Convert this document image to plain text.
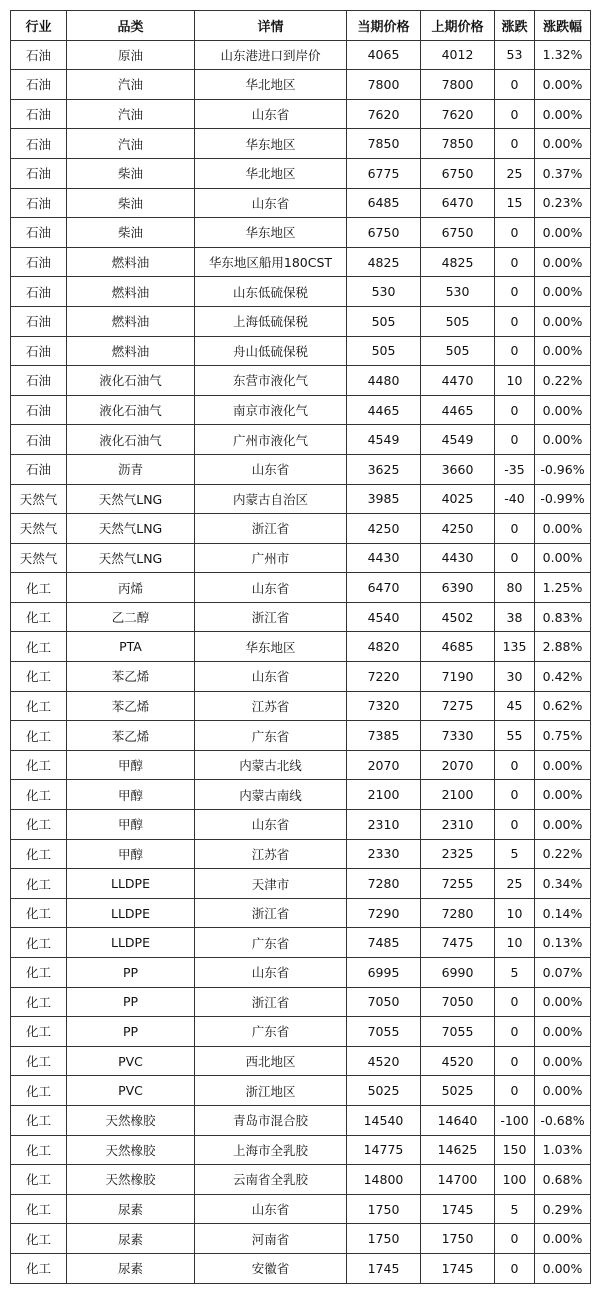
行业	品类	详情	当期价格	上期价格	涨跌	涨跌幅
石油	原油	山东港进口到岸价	4065	4012	53	1.32%
石油	汽油	华北地区	7800	7800	0	0.00%
石油	汽油	山东省	7620	7620	0	0.00%
石油	汽油	华东地区	7850	7850	0	0.00%
石油	柴油	华北地区	6775	6750	25	0.37%
石油	柴油	山东省	6485	6470	15	0.23%
石油	柴油	华东地区	6750	6750	0	0.00%
石油	燃料油	华东地区船用180CST	4825	4825	0	0.00%
石油	燃料油	山东低硫保税	530	530	0	0.00%
石油	燃料油	上海低硫保税	505	505	0	0.00%
石油	燃料油	舟山低硫保税	505	505	0	0.00%
石油	液化石油气	东营市液化气	4480	4470	10	0.22%
石油	液化石油气	南京市液化气	4465	4465	0	0.00%
石油	液化石油气	广州市液化气	4549	4549	0	0.00%
石油	沥青	山东省	3625	3660	-35	-0.96%
天然气	天然气LNG	内蒙古自治区	3985	4025	-40	-0.99%
天然气	天然气LNG	浙江省	4250	4250	0	0.00%
天然气	天然气LNG	广州市	4430	4430	0	0.00%
化工	丙烯	山东省	6470	6390	80	1.25%
化工	乙二醇	浙江省	4540	4502	38	0.83%
化工	PTA	华东地区	4820	4685	135	2.88%
化工	苯乙烯	山东省	7220	7190	30	0.42%
化工	苯乙烯	江苏省	7320	7275	45	0.62%
化工	苯乙烯	广东省	7385	7330	55	0.75%
化工	甲醇	内蒙古北线	2070	2070	0	0.00%
化工	甲醇	内蒙古南线	2100	2100	0	0.00%
化工	甲醇	山东省	2310	2310	0	0.00%
化工	甲醇	江苏省	2330	2325	5	0.22%
化工	LLDPE	天津市	7280	7255	25	0.34%
化工	LLDPE	浙江省	7290	7280	10	0.14%
化工	LLDPE	广东省	7485	7475	10	0.13%
化工	PP	山东省	6995	6990	5	0.07%
化工	PP	浙江省	7050	7050	0	0.00%
化工	PP	广东省	7055	7055	0	0.00%
化工	PVC	西北地区	4520	4520	0	0.00%
化工	PVC	浙江地区	5025	5025	0	0.00%
化工	天然橡胶	青岛市混合胶	14540	14640	-100	-0.68%
化工	天然橡胶	上海市全乳胶	14775	14625	150	1.03%
化工	天然橡胶	云南省全乳胶	14800	14700	100	0.68%
化工	尿素	山东省	1750	1745	5	0.29%
化工	尿素	河南省	1750	1750	0	0.00%
化工	尿素	安徽省	1745	1745	0	0.00%
